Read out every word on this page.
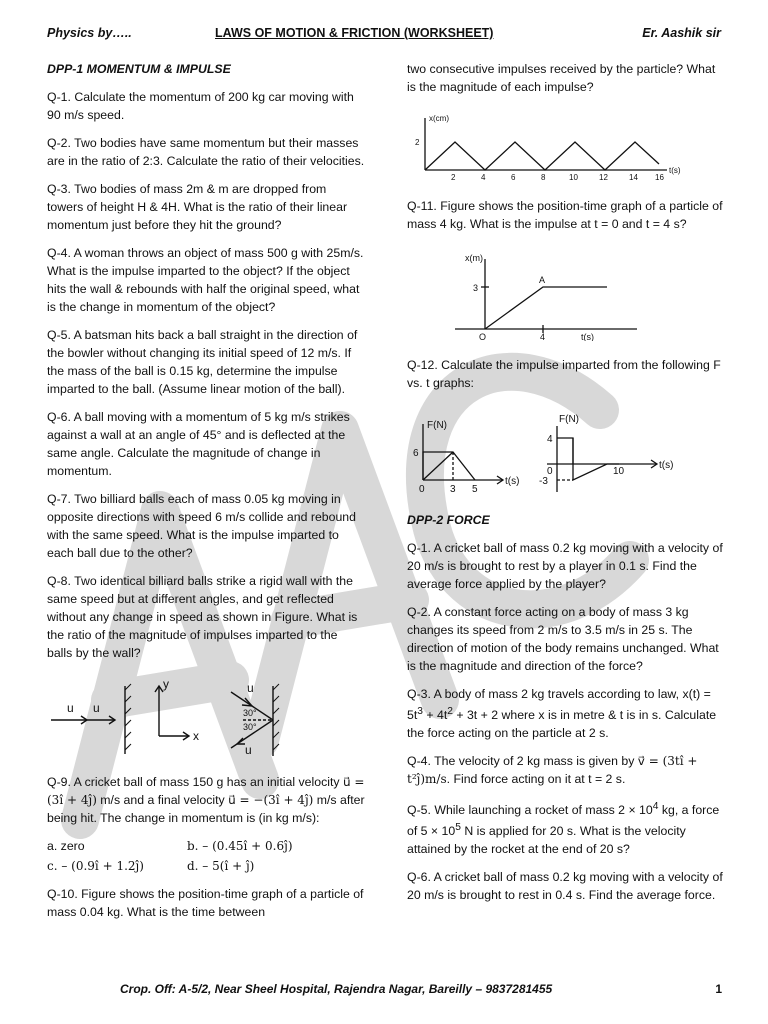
Physics by…..	LAWS OF MOTION & FRICTION (WORKSHEET)	Er. Aashik sir

DPP-1 MOMENTUM & IMPULSE

Q-1. Calculate the momentum of 200 kg car moving with 90 m/s speed.

Q-2. Two bodies have same momentum but their masses are in the ratio of 2:3. Calculate the ratio of their velocities.

Q-3. Two bodies of mass 2m & m are dropped from towers of height H & 4H. What is the ratio of their linear momentum just before they hit the ground?

Q-4. A woman throws an object of mass 500 g with 25m/s. What is the impulse imparted to the object? If the object hits the wall & rebounds with half the original speed, what is the change in momentum of the object?

Q-5. A batsman hits back a ball straight in the direction of the bowler without changing its initial speed of 12 m/s. If the mass of the ball is 0.15 kg, determine the impulse imparted to the ball. (Assume linear motion of the ball).

Q-6. A ball moving with a momentum of 5 kg m/s strikes against a wall at an angle of 45° and is deflected at the same angle. Calculate the magnitude of change in momentum.

Q-7. Two billiard balls each of mass 0.05 kg moving in opposite directions with speed 6 m/s collide and rebound with the same speed. What is the impulse imparted to each ball due to the other?

Q-8. Two identical billiard balls strike a rigid wall with the same speed but at different angles, and get reflected without any change in speed as shown in Figure. What is the ratio of the magnitude of impulses imparted to the balls by the wall?

u u
y
x
u
30°
30°
u

Q-9. A cricket ball of mass 150 g has an initial velocity u⃗ = (3î + 4ĵ) m/s and a final velocity u⃗ = −(3î + 4ĵ) m/s after being hit. The change in momentum is (in kg m/s):

a. zero	b. – (0.45î + 0.6ĵ)
c. – (0.9î + 1.2ĵ)	d. – 5(î + ĵ)

Q-10. Figure shows the position-time graph of a particle of mass 0.04 kg. What is the time between

two consecutive impulses received by the particle? What is the magnitude of each impulse?

x(cm)
2
t(s)
2	4	6	8	10	12	14 16

Q-11. Figure shows the position-time graph of a particle of mass 4 kg. What is the impulse at t = 0 and t = 4 s?

x(m)
3
A
O	4	t(s)

Q-12. Calculate the impulse imparted from the following F vs. t graphs:

F(N)
6
0	3 5
t(s)
F(N)
4
0
-3
10
t(s)

DPP-2 FORCE

Q-1. A cricket ball of mass 0.2 kg moving with a velocity of 20 m/s is brought to rest by a player in 0.1 s. Find the average force applied by the player?

Q-2. A constant force acting on a body of mass 3 kg changes its speed from 2 m/s to 3.5 m/s in 25 s. The direction of motion of the body remains unchanged. What is the magnitude and direction of the force?

Q-3. A body of mass 2 kg travels according to law, $x(t) = 5t^3 + 4t^2 + 3t + 2$ where x is in metre & t is in s. Calculate the force acting on the particle at 2 s.

Q-4. The velocity of 2 kg mass is given by v⃗ = (3tî + t²ĵ)m/s. Find force acting on it at t = 2 s.

Q-5. While launching a rocket of mass $2 \times 10^4$ kg, a force of $5 \times 10^5$ N is applied for 20 s. What is the velocity attained by the rocket at the end of 20 s?

Q-6. A cricket ball of mass 0.2 kg moving with a velocity of 20 m/s is brought to rest in 0.4 s. Find the average force.

Crop. Off: A-5/2, Near Sheel Hospital, Rajendra Nagar, Bareilly – 9837281455	1
